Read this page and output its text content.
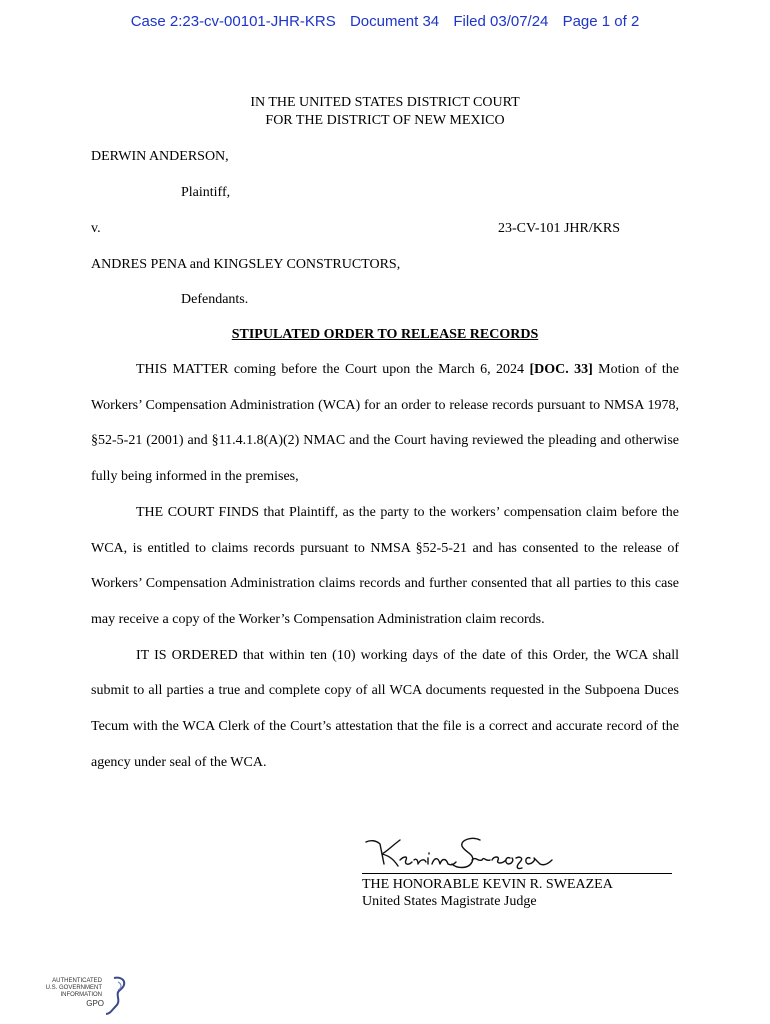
Case 2:23-cv-00101-JHR-KRS Document 34 Filed 03/07/24 Page 1 of 2
IN THE UNITED STATES DISTRICT COURT
FOR THE DISTRICT OF NEW MEXICO
DERWIN ANDERSON,
Plaintiff,
v.	23-CV-101 JHR/KRS
ANDRES PENA and KINGSLEY CONSTRUCTORS,
Defendants.
STIPULATED ORDER TO RELEASE RECORDS

THIS MATTER coming before the Court upon the March 6, 2024 [DOC. 33] Motion of the Workers’ Compensation Administration (WCA) for an order to release records pursuant to NMSA 1978, §52-5-21 (2001) and §11.4.1.8(A)(2) NMAC and the Court having reviewed the pleading and otherwise fully being informed in the premises,

THE COURT FINDS that Plaintiff, as the party to the workers’ compensation claim before the WCA, is entitled to claims records pursuant to NMSA §52-5-21 and has consented to the release of Workers’ Compensation Administration claims records and further consented that all parties to this case may receive a copy of the Worker’s Compensation Administration claim records.

IT IS ORDERED that within ten (10) working days of the date of this Order, the WCA shall submit to all parties a true and complete copy of all WCA documents requested in the Subpoena Duces Tecum with the WCA Clerk of the Court’s attestation that the file is a correct and accurate record of the agency under seal of the WCA.

THE HONORABLE KEVIN R. SWEAZEA
United States Magistrate Judge
AUTHENTICATED
U.S. GOVERNMENT
INFORMATION
GPO
